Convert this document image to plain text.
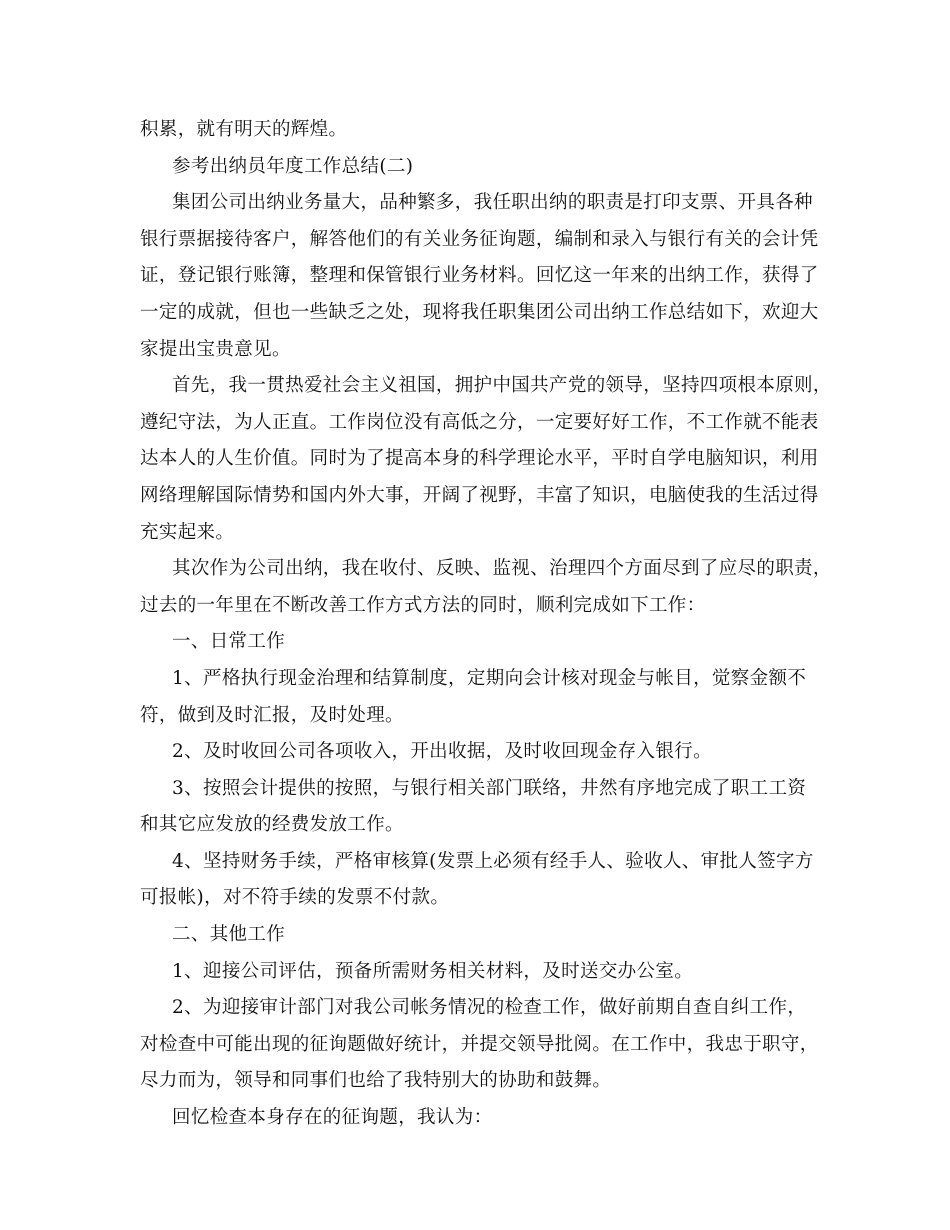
积累，就有明天的辉煌。
参考出纳员年度工作总结(二)
集团公司出纳业务量大，品种繁多，我任职出纳的职责是打印支票、开具各种
银行票据接待客户，解答他们的有关业务征询题，编制和录入与银行有关的会计凭
证，登记银行账簿，整理和保管银行业务材料。回忆这一年来的出纳工作，获得了
一定的成就，但也一些缺乏之处，现将我任职集团公司出纳工作总结如下，欢迎大
家提出宝贵意见。
首先，我一贯热爱社会主义祖国，拥护中国共产党的领导，坚持四项根本原则，
遵纪守法，为人正直。工作岗位没有高低之分，一定要好好工作，不工作就不能表
达本人的人生价值。同时为了提高本身的科学理论水平，平时自学电脑知识，利用
网络理解国际情势和国内外大事，开阔了视野，丰富了知识，电脑使我的生活过得
充实起来。
其次作为公司出纳，我在收付、反映、监视、治理四个方面尽到了应尽的职责，
过去的一年里在不断改善工作方式方法的同时，顺利完成如下工作：
一、日常工作
1、严格执行现金治理和结算制度，定期向会计核对现金与帐目，觉察金额不
符，做到及时汇报，及时处理。
2、及时收回公司各项收入，开出收据，及时收回现金存入银行。
3、按照会计提供的按照，与银行相关部门联络，井然有序地完成了职工工资
和其它应发放的经费发放工作。
4、坚持财务手续，严格审核算(发票上必须有经手人、验收人、审批人签字方
可报帐)，对不符手续的发票不付款。
二、其他工作
1、迎接公司评估，预备所需财务相关材料，及时送交办公室。
2、为迎接审计部门对我公司帐务情况的检查工作，做好前期自查自纠工作，
对检查中可能出现的征询题做好统计，并提交领导批阅。在工作中，我忠于职守，
尽力而为，领导和同事们也给了我特别大的协助和鼓舞。
回忆检查本身存在的征询题，我认为：
